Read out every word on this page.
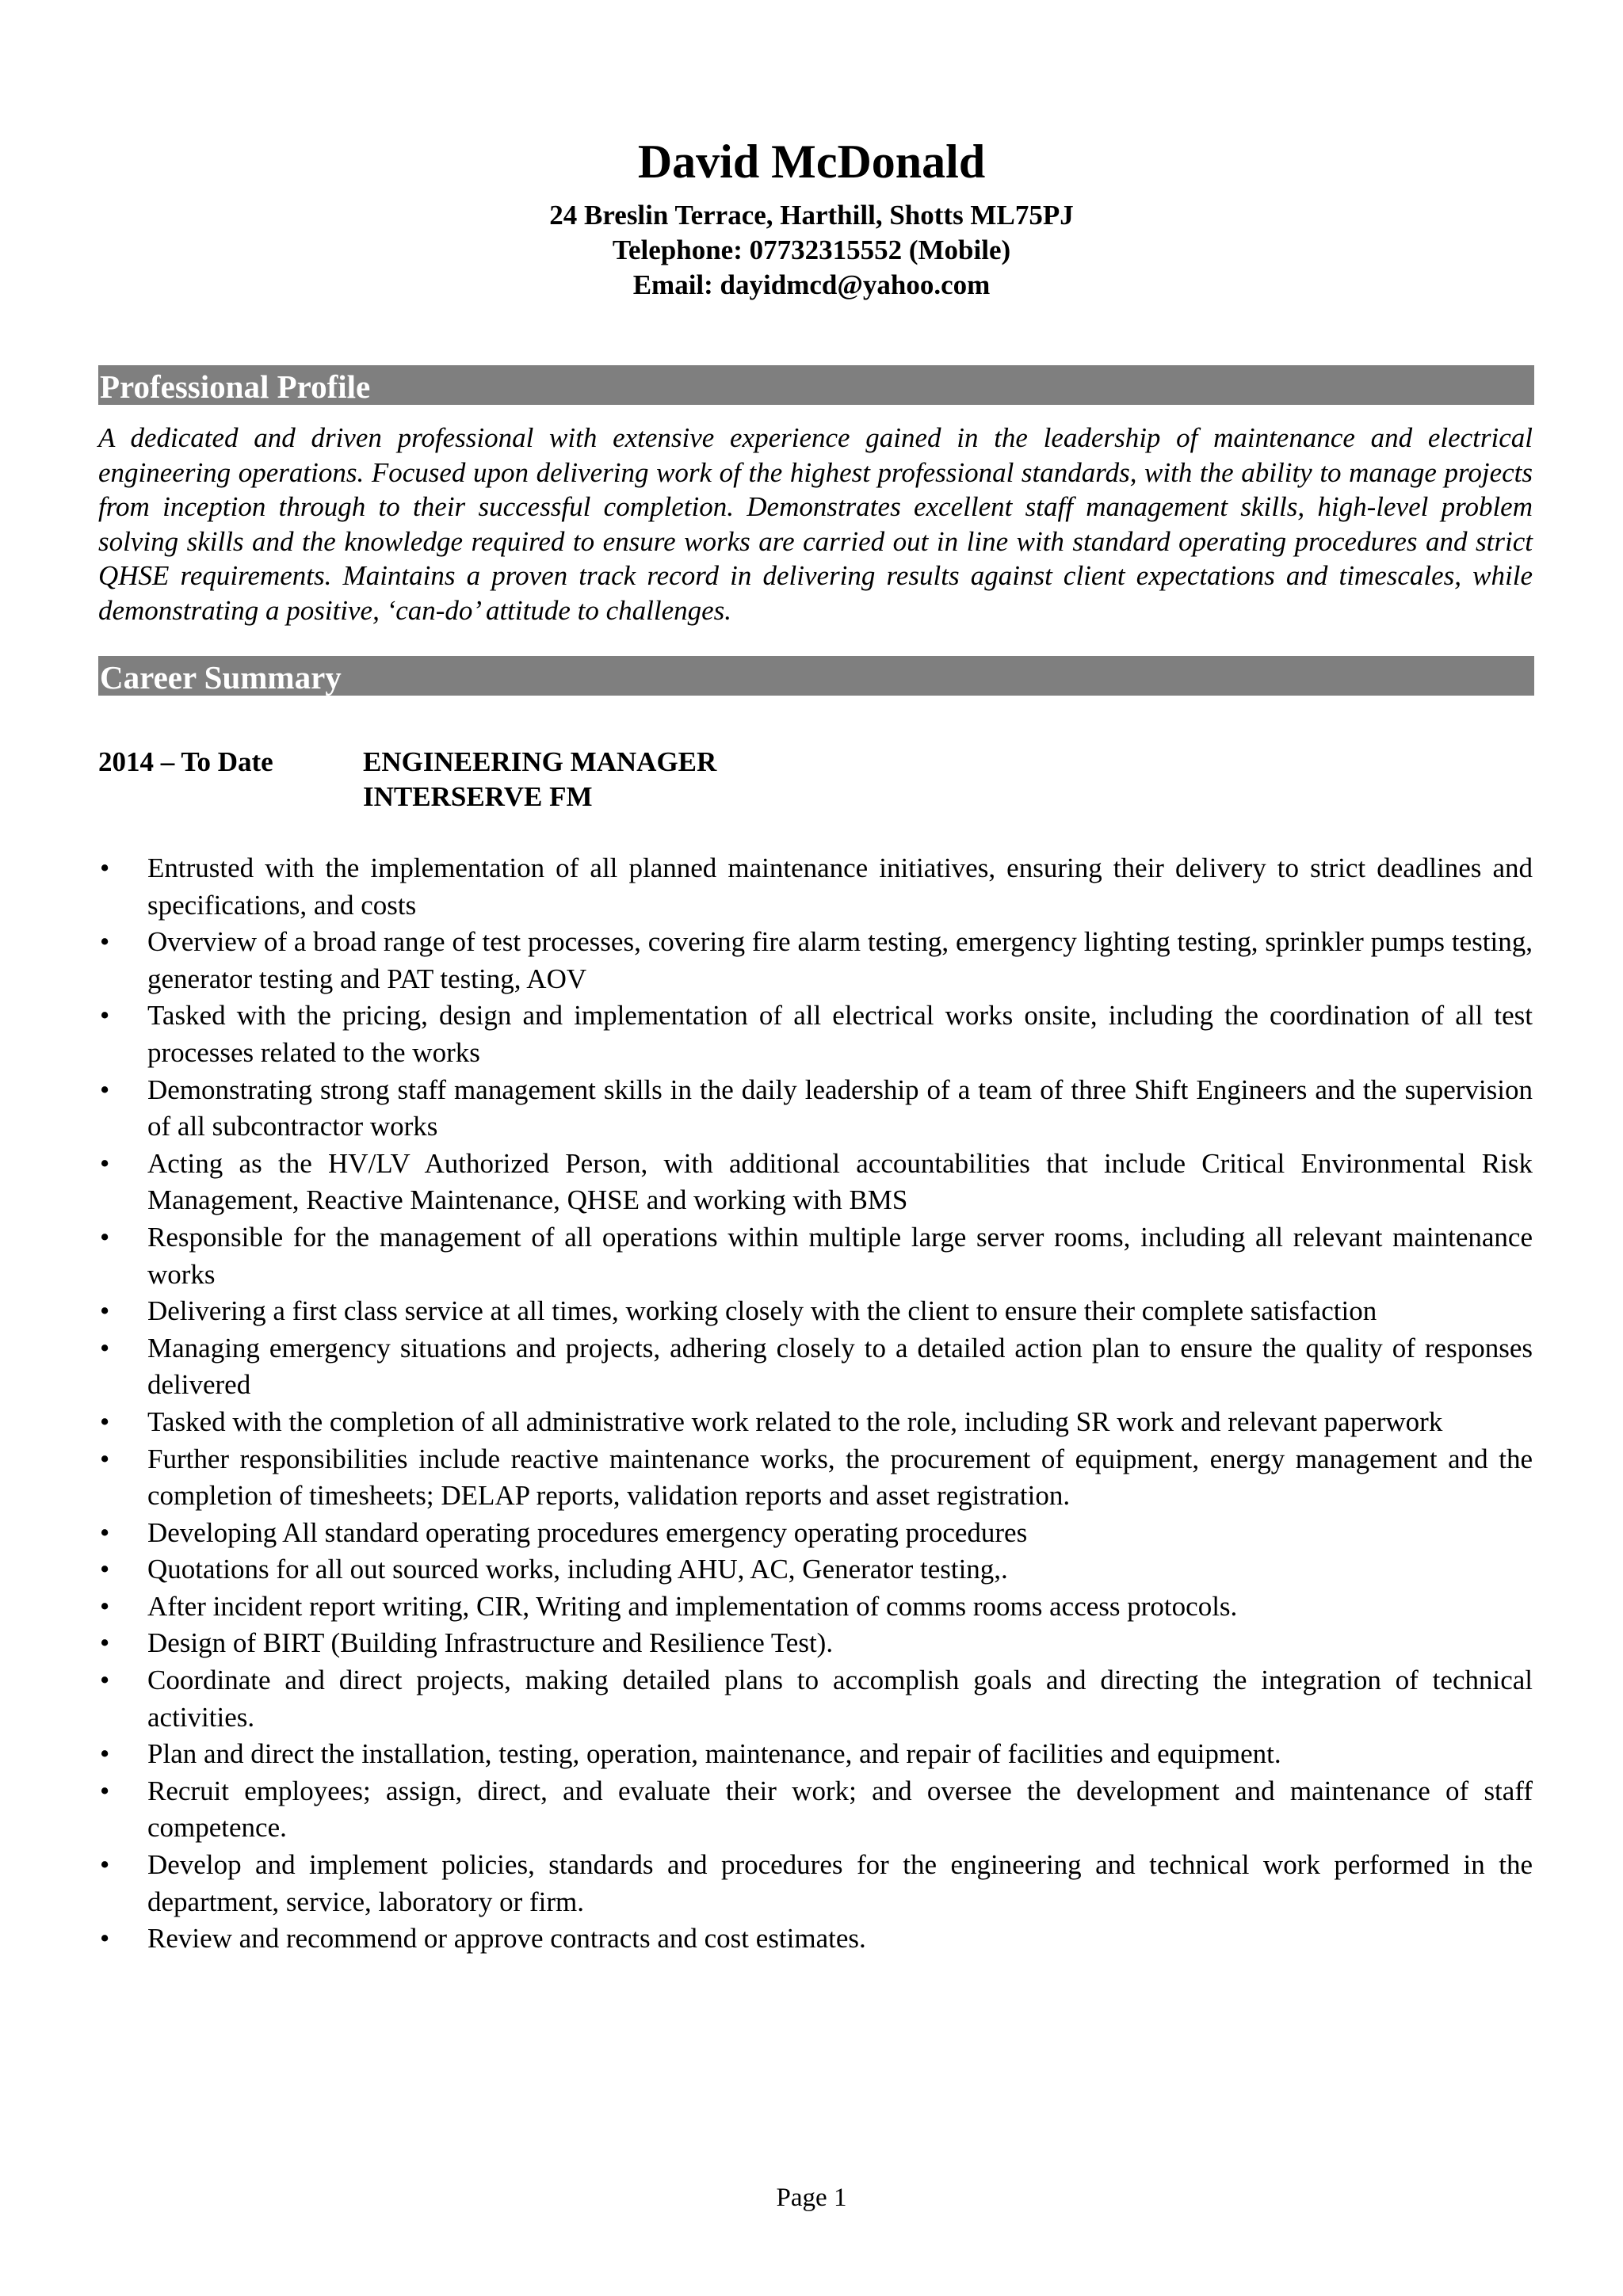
David McDonald

24 Breslin Terrace, Harthill, Shotts ML75PJ

Telephone: 07732315552 (Mobile)

Email: dayidmcd@yahoo.com

Professional Profile

A dedicated and driven professional with extensive experience gained in the leadership of maintenance and electrical engineering operations. Focused upon delivering work of the highest professional standards, with the ability to manage projects from inception through to their successful completion. Demonstrates excellent staff management skills, high-level problem solving skills and the knowledge required to ensure works are carried out in line with standard operating procedures and strict QHSE requirements. Maintains a proven track record in delivering results against client expectations and timescales, while demonstrating a positive, ‘can-do’ attitude to challenges.

Career Summary
2014 – To Date	ENGINEERING MANAGER
INTERSERVE FM
• Entrusted with the implementation of all planned maintenance initiatives, ensuring their delivery to strict deadlines and specifications, and costs
• Overview of a broad range of test processes, covering fire alarm testing, emergency lighting testing, sprinkler pumps testing, generator testing and PAT testing, AOV
• Tasked with the pricing, design and implementation of all electrical works onsite, including the coordination of all test processes related to the works
• Demonstrating strong staff management skills in the daily leadership of a team of three Shift Engineers and the supervision of all subcontractor works
• Acting as the HV/LV Authorized Person, with additional accountabilities that include Critical Environmental Risk Management, Reactive Maintenance, QHSE and working with BMS
• Responsible for the management of all operations within multiple large server rooms, including all relevant maintenance works
• Delivering a first class service at all times, working closely with the client to ensure their complete satisfaction
• Managing emergency situations and projects, adhering closely to a detailed action plan to ensure the quality of responses delivered
• Tasked with the completion of all administrative work related to the role, including SR work and relevant paperwork
• Further responsibilities include reactive maintenance works, the procurement of equipment, energy management and the completion of timesheets; DELAP reports, validation reports and asset registration.
• Developing All standard operating procedures emergency operating procedures
• Quotations for all out sourced works, including AHU, AC, Generator testing,.
• After incident report writing, CIR, Writing and implementation of comms rooms access protocols.
• Design of BIRT (Building Infrastructure and Resilience Test).
• Coordinate and direct projects, making detailed plans to accomplish goals and directing the integration of technical activities.
• Plan and direct the installation, testing, operation, maintenance, and repair of facilities and equipment.
• Recruit employees; assign, direct, and evaluate their work; and oversee the development and maintenance of staff competence.
• Develop and implement policies, standards and procedures for the engineering and technical work performed in the department, service, laboratory or firm.
• Review and recommend or approve contracts and cost estimates.
Page 1
